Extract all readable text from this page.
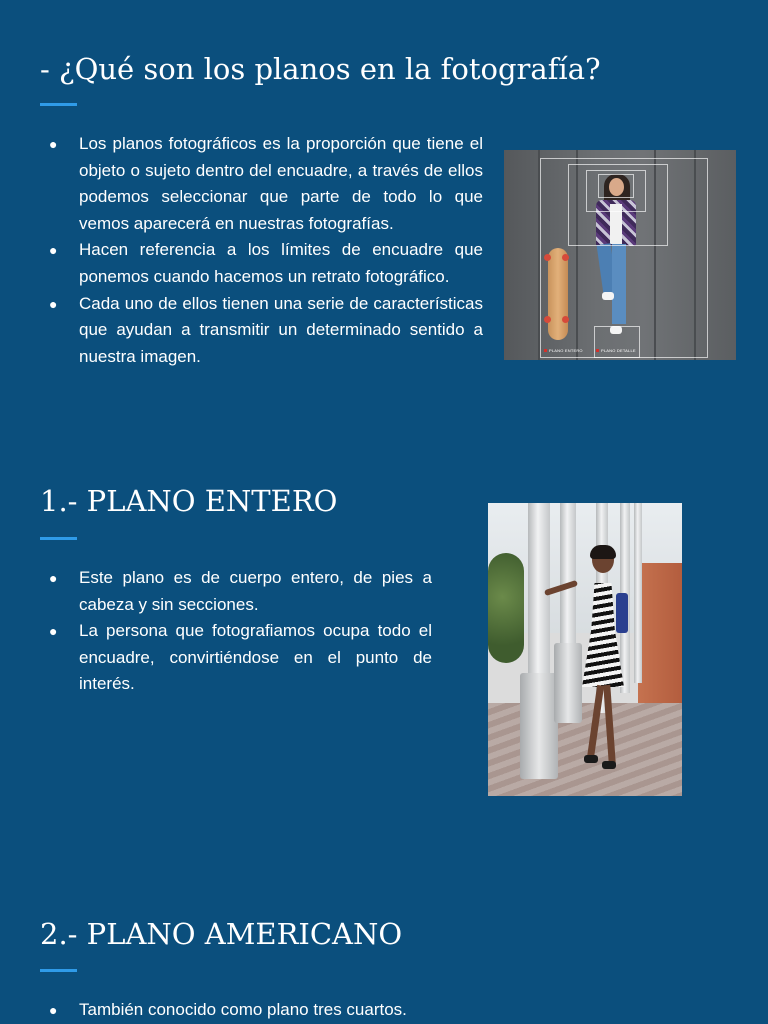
- ¿Qué son los planos en la fotografía?
● Los planos fotográficos es la proporción que tiene el objeto o sujeto dentro del encuadre, a través de ellos podemos seleccionar que parte de todo lo que vemos aparecerá en nuestras fotografías.
● Hacen referencia a los límites de encuadre que ponemos cuando hacemos un retrato fotográfico.
● Cada uno de ellos tienen una serie de características que ayudan a transmitir un determinado sentido a nuestra imagen.	PLANO ENTERO	PLANO DETALLE
1.- PLANO ENTERO
● Este plano es de cuerpo entero, de pies a cabeza y sin secciones.
● La persona que fotografiamos ocupa todo el encuadre, convirtiéndose en el punto de interés.
2.- PLANO AMERICANO
● También conocido como plano tres cuartos.
